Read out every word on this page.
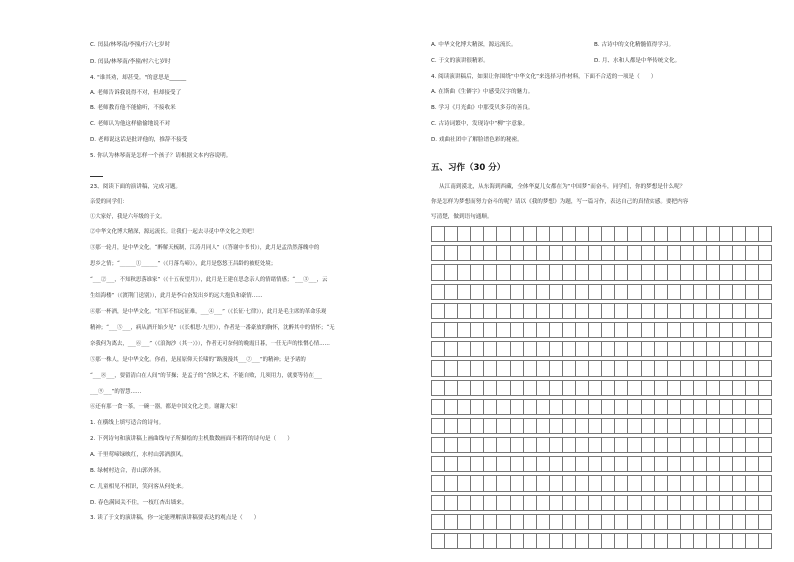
C. 闰县/林琴南/李撞/行六七岁时
D. 闰县/林琴南/李撞/村六七岁时
4. "谁其劝，却甚受。"的意思是______
A. 老师告诉我说得不对，但却接受了
B. 老师教育他不能偷听，不接收米
C. 老师认为他这样偷偷地说不对
D. 老师说这话是批评他的，推辞不接受
5. 你认为林琴南是怎样一个孩子？请根据文本内容说明。
23、阅读下面的演讲稿，完成习题。
亲爱的同学们：
①大家好，我是六年级的于文。
②中华文化博大精深，源远流长。让我们一起去寻觅中华文化之美吧！
③那一轮月，是中华文化。“醉解天梳制，江涛月同人”（《答谢中书书》），此月是孟浩然落魄中的
思乡之情；“______①______”（《月落鸟啼》），此月是悠悠王昌龄的被贬处境；
“___②___，不知秋思落谁家”（《十五夜望月》），此月是王建在思念亲人的情绪情感；“___③___，云
生结海楼”（《渡荆门送别》），此月是李白奋发出乡的远大抱负和豪情……
④那一杯酒，是中华文化。“红军不怕远征难，___④___”（《长征·七律》），此月是毛主席的革命乐观
精神；“___⑤___，病从酒开始少见”（《长相思·九里》），作者是一番豪放的胸怀，沈醉其中的情怀；“无
奈我何为离去，___⑥___”（《浪淘沙（其一）》），作者无可奈何的晚霞日暮，一任无声的怅惘心情……
⑤那一株人，是中华文化。你看，是屈原仰天长啸的“路漫漫其___⑦___”的精神；是予诸的
“___⑧___，要留清白在人间”的节操；是孟子的“含纵之术，不能自败，几须用力，就要等待在___
___⑨___”的智慧……
⑥还有那一食一茶，一碗一器，都是中国文化之美。谢谢大家！
1. 在横线上填写适合的诗句。
2. 下列诗句和演讲稿上画曲线句子所描绘的主机数数画面不相符的诗句是（　　）
A. 千里莺啼绿映红，水村山郭酒旗风。
B. 绿树村边合，青山郭外斜。
C. 儿童相见不相识，笑问客从何处来。
D. 春色满园关不住，一枝红杏出墙来。
3. 读了于文的演讲稿，你一定能理解演讲稿要表达的观点是（　　）
A. 中华文化博大精深，源远流长。	B. 古诗中的文化精髓值得学习。
C. 于文的演讲很精彩。	D. 月、水和人都是中华传统文化。
4. 阅读演讲稿后，如果让你围绕“中华文化”来选择习作材料，下面不合适的一项是（　　）
A. 在斯曲《生僻字》中感受汉字的魅力。
B. 学习《月光曲》中那受贝多芬的善良。
C. 古诗词繁中，发现诗中“柳”字意象。
D. 戏曲社团中了解脸谱色彩的秘密。
五、习作（30 分）
从江南到漠北，从东海到西藏，全体华夏儿女都在为“中国梦”而奋斗，同学们，你的梦想是什么呢？
你是怎样为梦想而努力奋斗的呢？请以《我的梦想》为题，写一篇习作，表达自己的真情实感。要把内容
写清楚，做到语句通顺。
